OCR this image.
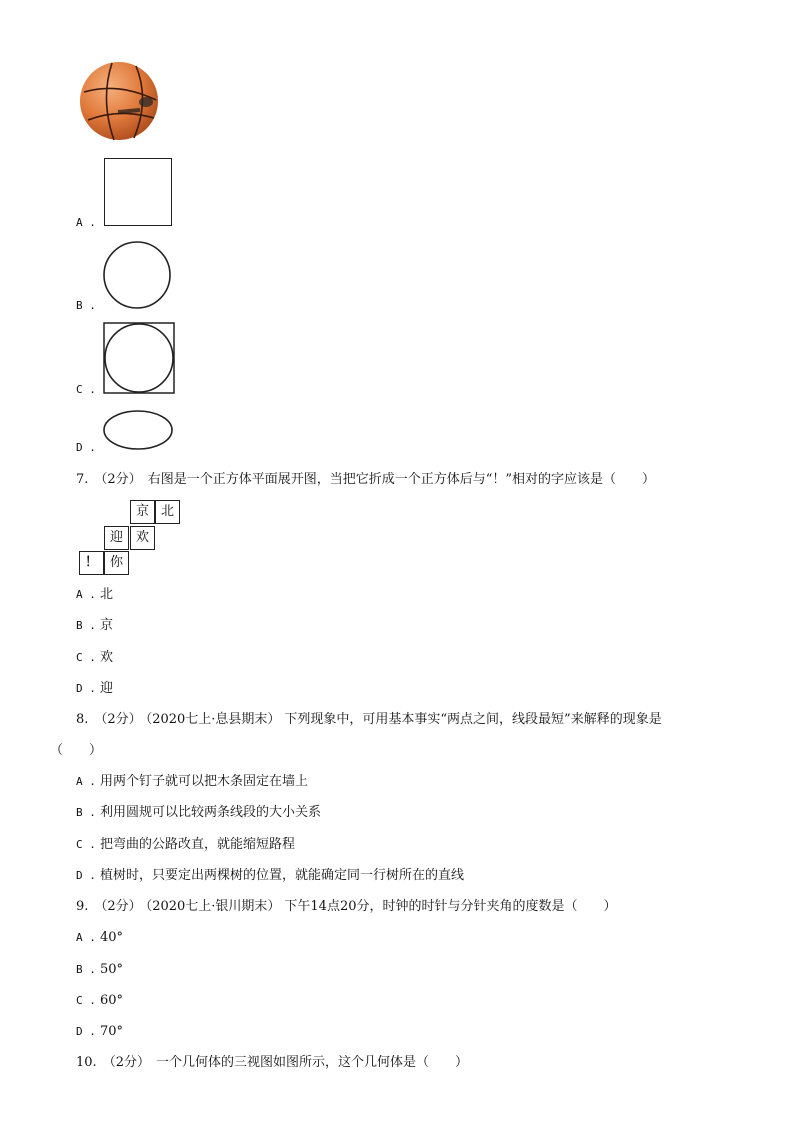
A .
B .
C .
D .
7. （2分） 右图是一个正方体平面展开图，当把它折成一个正方体后与“！”相对的字应该是（　　）
京 北
迎 欢
！ 你
A . 北
B . 京
C . 欢
D . 迎
8. （2分） （2020七上·息县期末） 下列现象中，可用基本事实“两点之间，线段最短”来解释的现象是
（　　）
A . 用两个钉子就可以把木条固定在墙上
B . 利用圆规可以比较两条线段的大小关系
C . 把弯曲的公路改直，就能缩短路程
D . 植树时，只要定出两棵树的位置，就能确定同一行树所在的直线
9. （2分） （2020七上·银川期末） 下午14点20分，时钟的时针与分针夹角的度数是（　　）
A . 40°
B . 50°
C . 60°
D . 70°
10. （2分） 一个几何体的三视图如图所示，这个几何体是（　　）
